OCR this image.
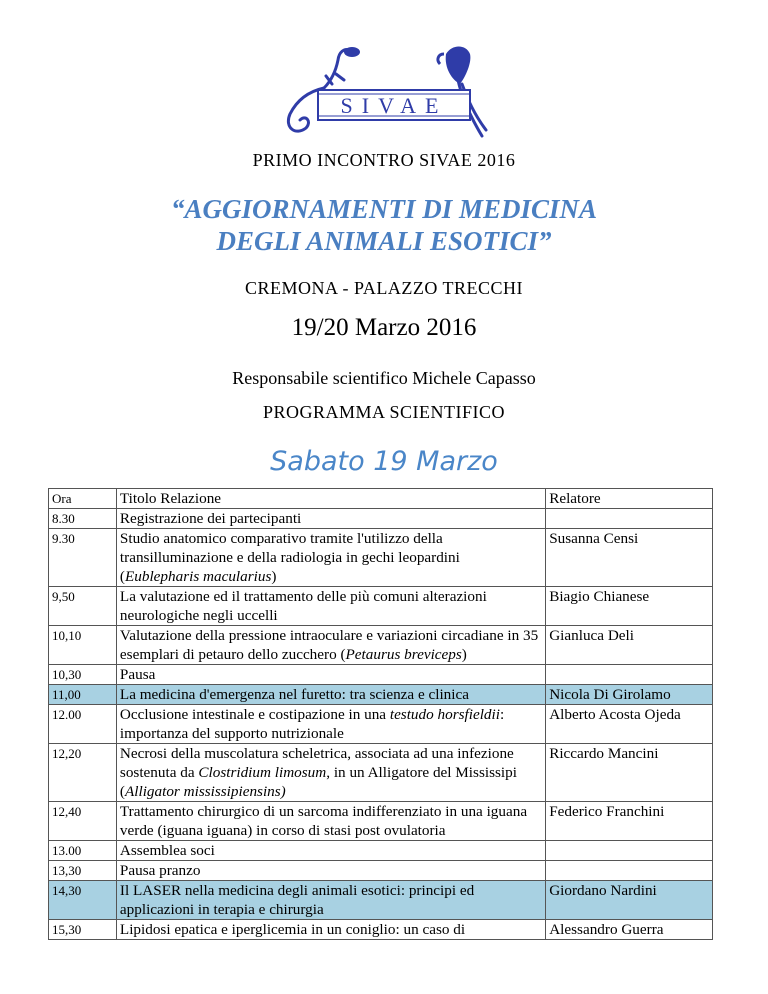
SIVAE
PRIMO INCONTRO SIVAE 2016
“AGGIORNAMENTI DI MEDICINA
DEGLI ANIMALI ESOTICI”
CREMONA - PALAZZO TRECCHI
19/20 Marzo 2016
Responsabile scientifico Michele Capasso
PROGRAMMA SCIENTIFICO
Sabato 19 Marzo
Ora	Titolo Relazione	Relatore
8.30	Registrazione dei partecipanti	
9.30	Studio anatomico comparativo tramite l'utilizzo della transilluminazione e della radiologia in gechi leopardini (Eublepharis macularius)	Susanna Censi
9,50	La valutazione ed il trattamento delle più comuni alterazioni neurologiche negli uccelli	Biagio Chianese
10,10	Valutazione della pressione intraoculare e variazioni circadiane in 35 esemplari di petauro dello zucchero (Petaurus breviceps)	Gianluca Deli
10,30	Pausa	
11,00	La medicina d'emergenza nel furetto: tra scienza e clinica	Nicola Di Girolamo
12.00	Occlusione intestinale e costipazione in una testudo horsfieldii: importanza del supporto nutrizionale	Alberto Acosta Ojeda
12,20	Necrosi della muscolatura scheletrica, associata ad una infezione sostenuta da Clostridium limosum, in un Alligatore del Mississipi (Alligator mississipiensins)	Riccardo Mancini
12,40	Trattamento chirurgico di un sarcoma indifferenziato in una iguana verde (iguana iguana) in corso di stasi post ovulatoria	Federico Franchini
13.00	Assemblea soci	
13,30	Pausa pranzo	
14,30	Il LASER nella medicina degli animali esotici: principi ed applicazioni in terapia e chirurgia	Giordano Nardini
15,30	Lipidosi epatica e iperglicemia in un coniglio: un caso di	Alessandro Guerra
